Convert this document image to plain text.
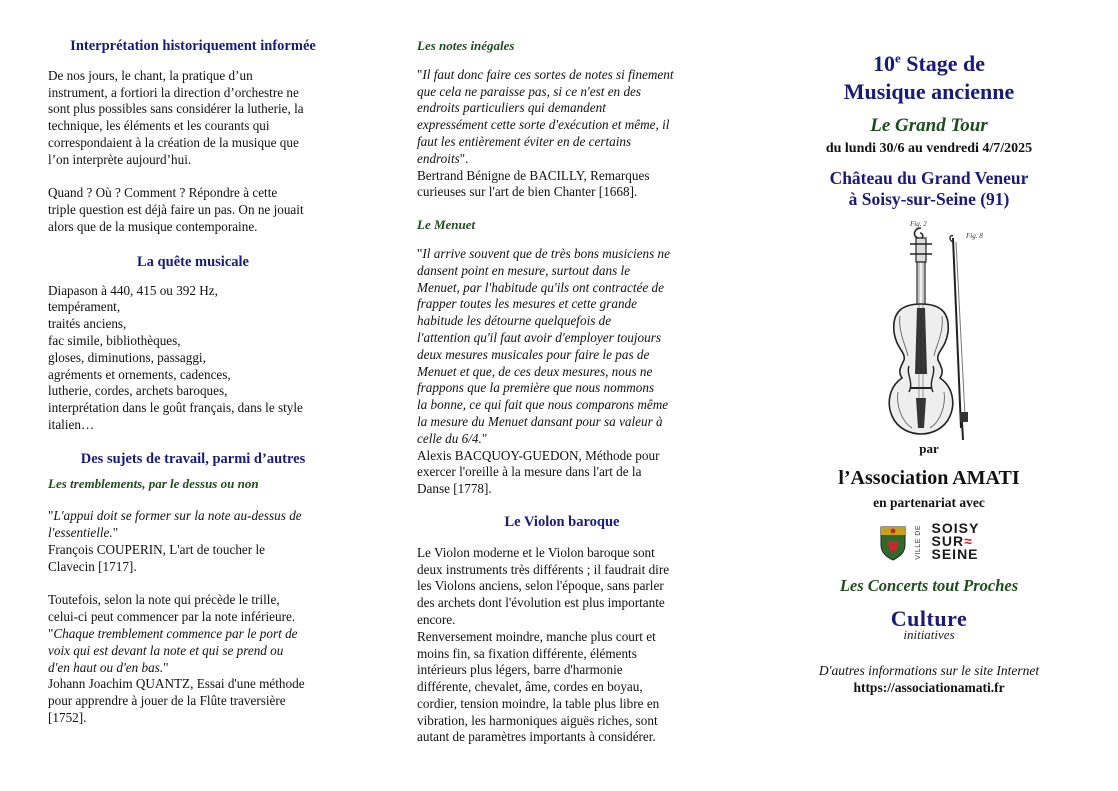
Interprétation historiquement informée

De nos jours, le chant, la pratique d’un
instrument, a fortiori la direction d’orchestre ne
sont plus possibles sans considérer la lutherie, la
technique, les éléments et les courants qui
correspondaient à la création de la musique que
l’on interprète aujourd’hui.

Quand ? Où ? Comment ? Répondre à cette
triple question est déjà faire un pas. On ne jouait
alors que de la musique contemporaine.

La quête musicale

Diapason à 440, 415 ou 392 Hz,
tempérament,
traités anciens,
fac simile, bibliothèques,
gloses, diminutions, passaggi,
agréments et ornements, cadences,
lutherie, cordes, archets baroques,
interprétation dans le goût français, dans le style
italien…

Des sujets de travail, parmi d’autres
Les tremblements, par le dessus ou non

"L'appui doit se former sur la note au-dessus de
l'essentielle."
François COUPERIN, L'art de toucher le
Clavecin [1717].

Toutefois, selon la note qui précède le trille,
celui-ci peut commencer par la note inférieure.
"Chaque tremblement commence par le port de
voix qui est devant la note et qui se prend ou
d'en haut ou d'en bas."
Johann Joachim QUANTZ, Essai d'une méthode
pour apprendre à jouer de la Flûte traversière
[1752].

Les notes inégales

"Il faut donc faire ces sortes de notes si finement
que cela ne paraisse pas, si ce n'est en des
endroits particuliers qui demandent
expressément cette sorte d'exécution et même, il
faut les entièrement éviter en de certains
endroits".
Bertrand Bénigne de BACILLY, Remarques
curieuses sur l'art de bien Chanter [1668].

Le Menuet

"Il arrive souvent que de très bons musiciens ne
dansent point en mesure, surtout dans le
Menuet, par l'habitude qu'ils ont contractée de
frapper toutes les mesures et cette grande
habitude les détourne quelquefois de
l'attention qu'il faut avoir d'employer toujours
deux mesures musicales pour faire le pas de
Menuet et que, de ces deux mesures, nous ne
frappons que la première que nous nommons
la bonne, ce qui fait que nous comparons même
la mesure du Menuet dansant pour sa valeur à
celle du 6/4."
Alexis BACQUOY-GUEDON, Méthode pour
exercer l'oreille à la mesure dans l'art de la
Danse [1778].

Le Violon baroque

Le Violon moderne et le Violon baroque sont
deux instruments très différents ; il faudrait dire
les Violons anciens, selon l'époque, sans parler
des archets dont l'évolution est plus importante
encore.
Renversement moindre, manche plus court et
moins fin, sa fixation différente, éléments
intérieurs plus légers, barre d'harmonie
différente, chevalet, âme, cordes en boyau,
cordier, tension moindre, la table plus libre en
vibration, les harmoniques aiguës riches, sont
autant de paramètres importants à considérer.

10e Stage de
Musique ancienne
Le Grand Tour
du lundi 30/6 au vendredi 4/7/2025
Château du Grand Veneur
à Soisy-sur-Seine (91)
Fig. 2
Fig. 8
par
l’Association AMATI
en partenariat avec
VILLE DE SOISY
SUR≈
SEINE
Les Concerts tout Proches
Culture
initiatives
D'autres informations sur le site Internet
https://associationamati.fr
